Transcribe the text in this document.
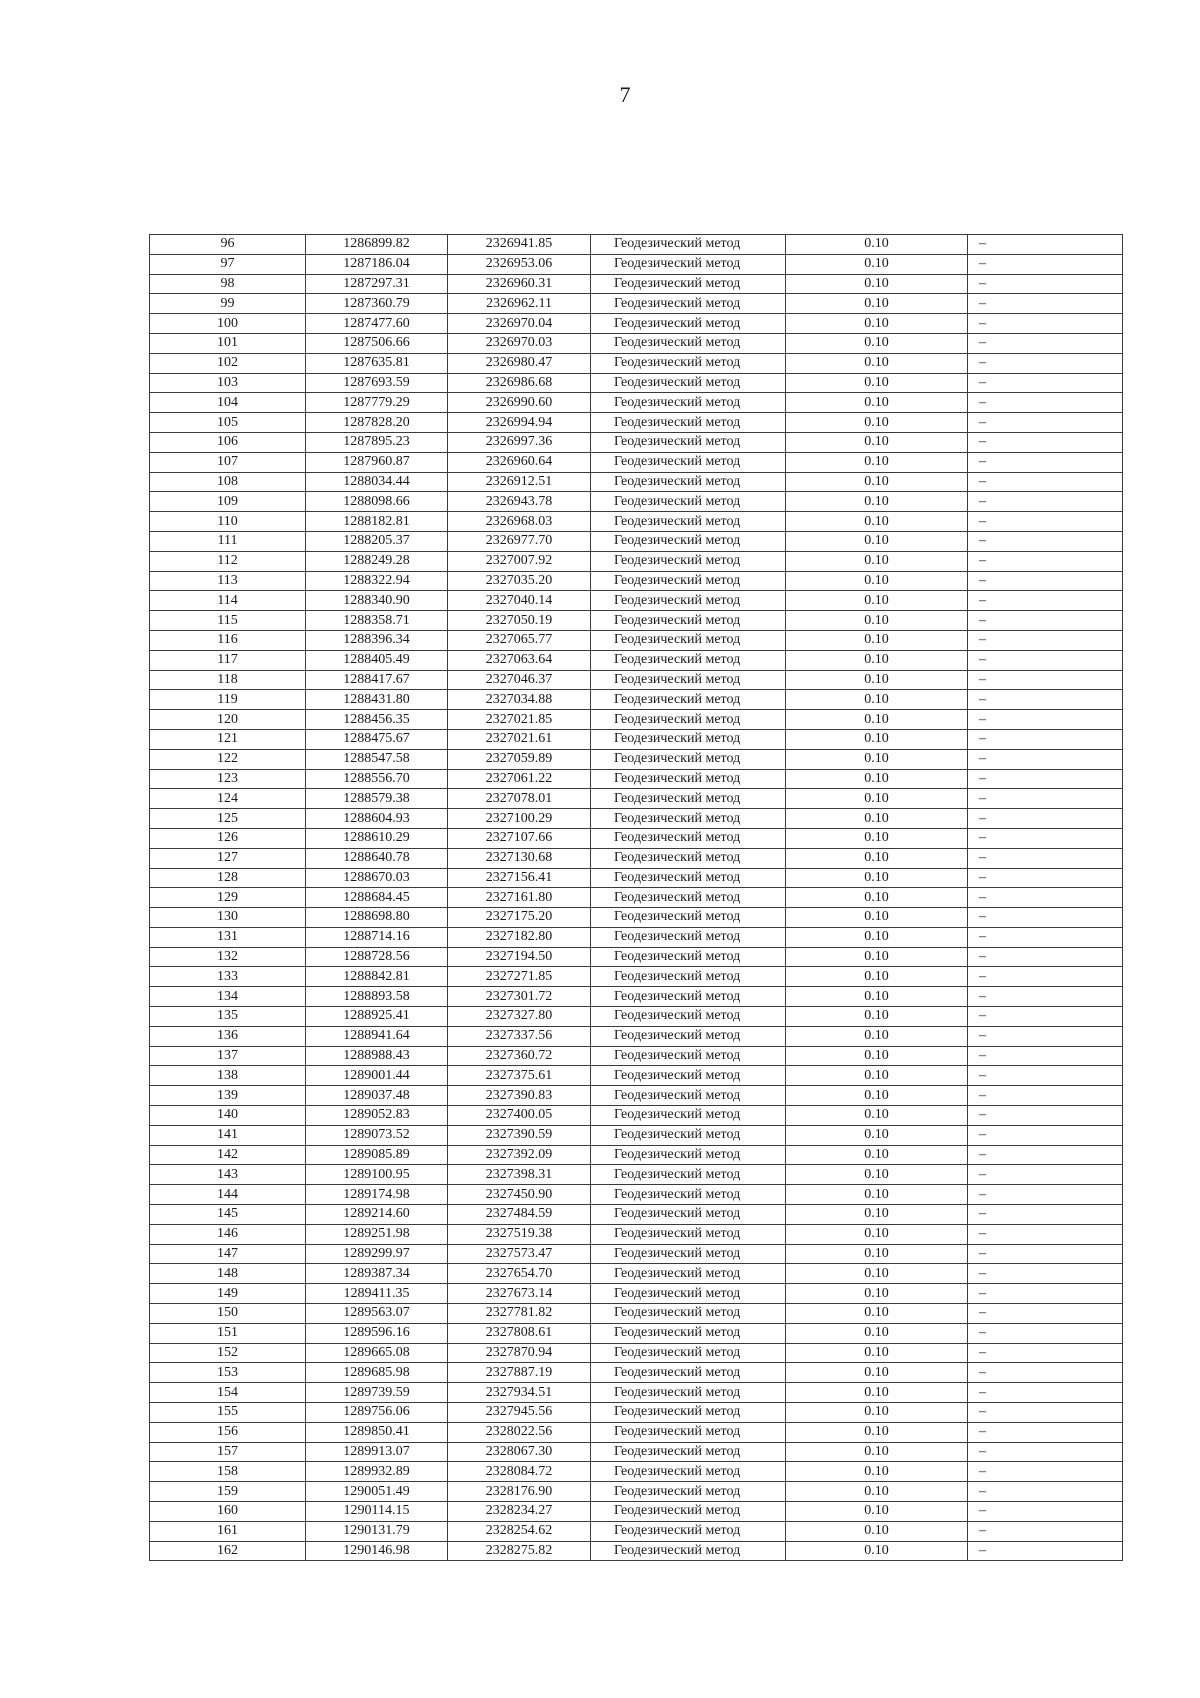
7
96	1286899.82	2326941.85	Геодезический метод	0.10	–
97	1287186.04	2326953.06	Геодезический метод	0.10	–
98	1287297.31	2326960.31	Геодезический метод	0.10	–
99	1287360.79	2326962.11	Геодезический метод	0.10	–
100	1287477.60	2326970.04	Геодезический метод	0.10	–
101	1287506.66	2326970.03	Геодезический метод	0.10	–
102	1287635.81	2326980.47	Геодезический метод	0.10	–
103	1287693.59	2326986.68	Геодезический метод	0.10	–
104	1287779.29	2326990.60	Геодезический метод	0.10	–
105	1287828.20	2326994.94	Геодезический метод	0.10	–
106	1287895.23	2326997.36	Геодезический метод	0.10	–
107	1287960.87	2326960.64	Геодезический метод	0.10	–
108	1288034.44	2326912.51	Геодезический метод	0.10	–
109	1288098.66	2326943.78	Геодезический метод	0.10	–
110	1288182.81	2326968.03	Геодезический метод	0.10	–
111	1288205.37	2326977.70	Геодезический метод	0.10	–
112	1288249.28	2327007.92	Геодезический метод	0.10	–
113	1288322.94	2327035.20	Геодезический метод	0.10	–
114	1288340.90	2327040.14	Геодезический метод	0.10	–
115	1288358.71	2327050.19	Геодезический метод	0.10	–
116	1288396.34	2327065.77	Геодезический метод	0.10	–
117	1288405.49	2327063.64	Геодезический метод	0.10	–
118	1288417.67	2327046.37	Геодезический метод	0.10	–
119	1288431.80	2327034.88	Геодезический метод	0.10	–
120	1288456.35	2327021.85	Геодезический метод	0.10	–
121	1288475.67	2327021.61	Геодезический метод	0.10	–
122	1288547.58	2327059.89	Геодезический метод	0.10	–
123	1288556.70	2327061.22	Геодезический метод	0.10	–
124	1288579.38	2327078.01	Геодезический метод	0.10	–
125	1288604.93	2327100.29	Геодезический метод	0.10	–
126	1288610.29	2327107.66	Геодезический метод	0.10	–
127	1288640.78	2327130.68	Геодезический метод	0.10	–
128	1288670.03	2327156.41	Геодезический метод	0.10	–
129	1288684.45	2327161.80	Геодезический метод	0.10	–
130	1288698.80	2327175.20	Геодезический метод	0.10	–
131	1288714.16	2327182.80	Геодезический метод	0.10	–
132	1288728.56	2327194.50	Геодезический метод	0.10	–
133	1288842.81	2327271.85	Геодезический метод	0.10	–
134	1288893.58	2327301.72	Геодезический метод	0.10	–
135	1288925.41	2327327.80	Геодезический метод	0.10	–
136	1288941.64	2327337.56	Геодезический метод	0.10	–
137	1288988.43	2327360.72	Геодезический метод	0.10	–
138	1289001.44	2327375.61	Геодезический метод	0.10	–
139	1289037.48	2327390.83	Геодезический метод	0.10	–
140	1289052.83	2327400.05	Геодезический метод	0.10	–
141	1289073.52	2327390.59	Геодезический метод	0.10	–
142	1289085.89	2327392.09	Геодезический метод	0.10	–
143	1289100.95	2327398.31	Геодезический метод	0.10	–
144	1289174.98	2327450.90	Геодезический метод	0.10	–
145	1289214.60	2327484.59	Геодезический метод	0.10	–
146	1289251.98	2327519.38	Геодезический метод	0.10	–
147	1289299.97	2327573.47	Геодезический метод	0.10	–
148	1289387.34	2327654.70	Геодезический метод	0.10	–
149	1289411.35	2327673.14	Геодезический метод	0.10	–
150	1289563.07	2327781.82	Геодезический метод	0.10	–
151	1289596.16	2327808.61	Геодезический метод	0.10	–
152	1289665.08	2327870.94	Геодезический метод	0.10	–
153	1289685.98	2327887.19	Геодезический метод	0.10	–
154	1289739.59	2327934.51	Геодезический метод	0.10	–
155	1289756.06	2327945.56	Геодезический метод	0.10	–
156	1289850.41	2328022.56	Геодезический метод	0.10	–
157	1289913.07	2328067.30	Геодезический метод	0.10	–
158	1289932.89	2328084.72	Геодезический метод	0.10	–
159	1290051.49	2328176.90	Геодезический метод	0.10	–
160	1290114.15	2328234.27	Геодезический метод	0.10	–
161	1290131.79	2328254.62	Геодезический метод	0.10	–
162	1290146.98	2328275.82	Геодезический метод	0.10	–
